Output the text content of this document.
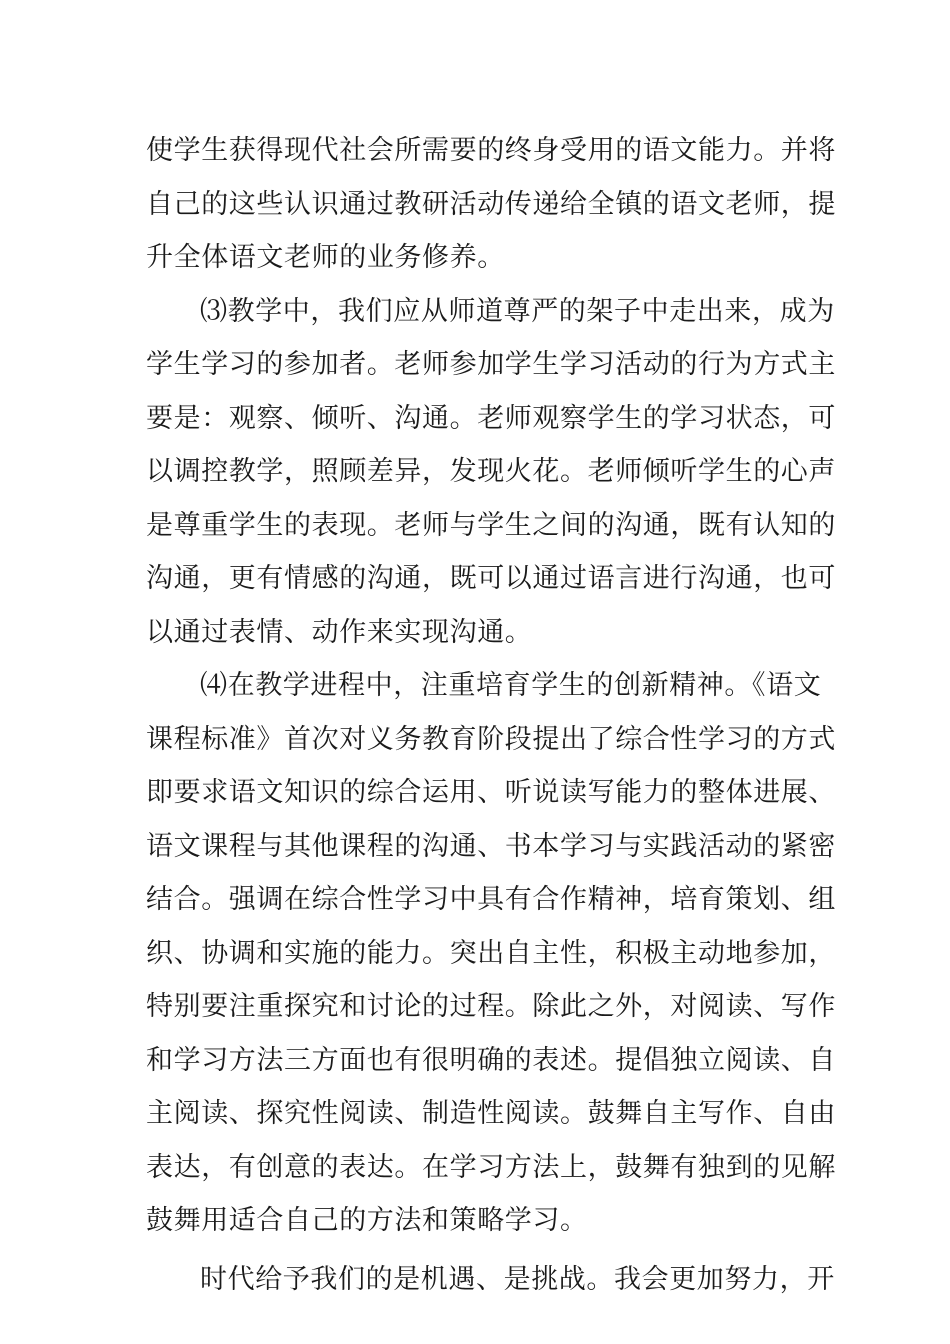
使学生获得现代社会所需要的终身受用的语文能力。并将
自己的这些认识通过教研活动传递给全镇的语文老师，提
升全体语文老师的业务修养。
⑶教学中，我们应从师道尊严的架子中走出来，成为
学生学习的参加者。老师参加学生学习活动的行为方式主
要是：观察、倾听、沟通。老师观察学生的学习状态，可
以调控教学，照顾差异，发现火花。老师倾听学生的心声
是尊重学生的表现。老师与学生之间的沟通，既有认知的
沟通，更有情感的沟通，既可以通过语言进行沟通，也可
以通过表情、动作来实现沟通。
⑷在教学进程中，注重培育学生的创新精神。《语文
课程标准》首次对义务教育阶段提出了综合性学习的方式
即要求语文知识的综合运用、听说读写能力的整体进展、
语文课程与其他课程的沟通、书本学习与实践活动的紧密
结合。强调在综合性学习中具有合作精神，培育策划、组
织、协调和实施的能力。突出自主性，积极主动地参加，
特别要注重探究和讨论的过程。除此之外，对阅读、写作
和学习方法三方面也有很明确的表述。提倡独立阅读、自
主阅读、探究性阅读、制造性阅读。鼓舞自主写作、自由
表达，有创意的表达。在学习方法上，鼓舞有独到的见解
鼓舞用适合自己的方法和策略学习。
时代给予我们的是机遇、是挑战。我会更加努力，开
